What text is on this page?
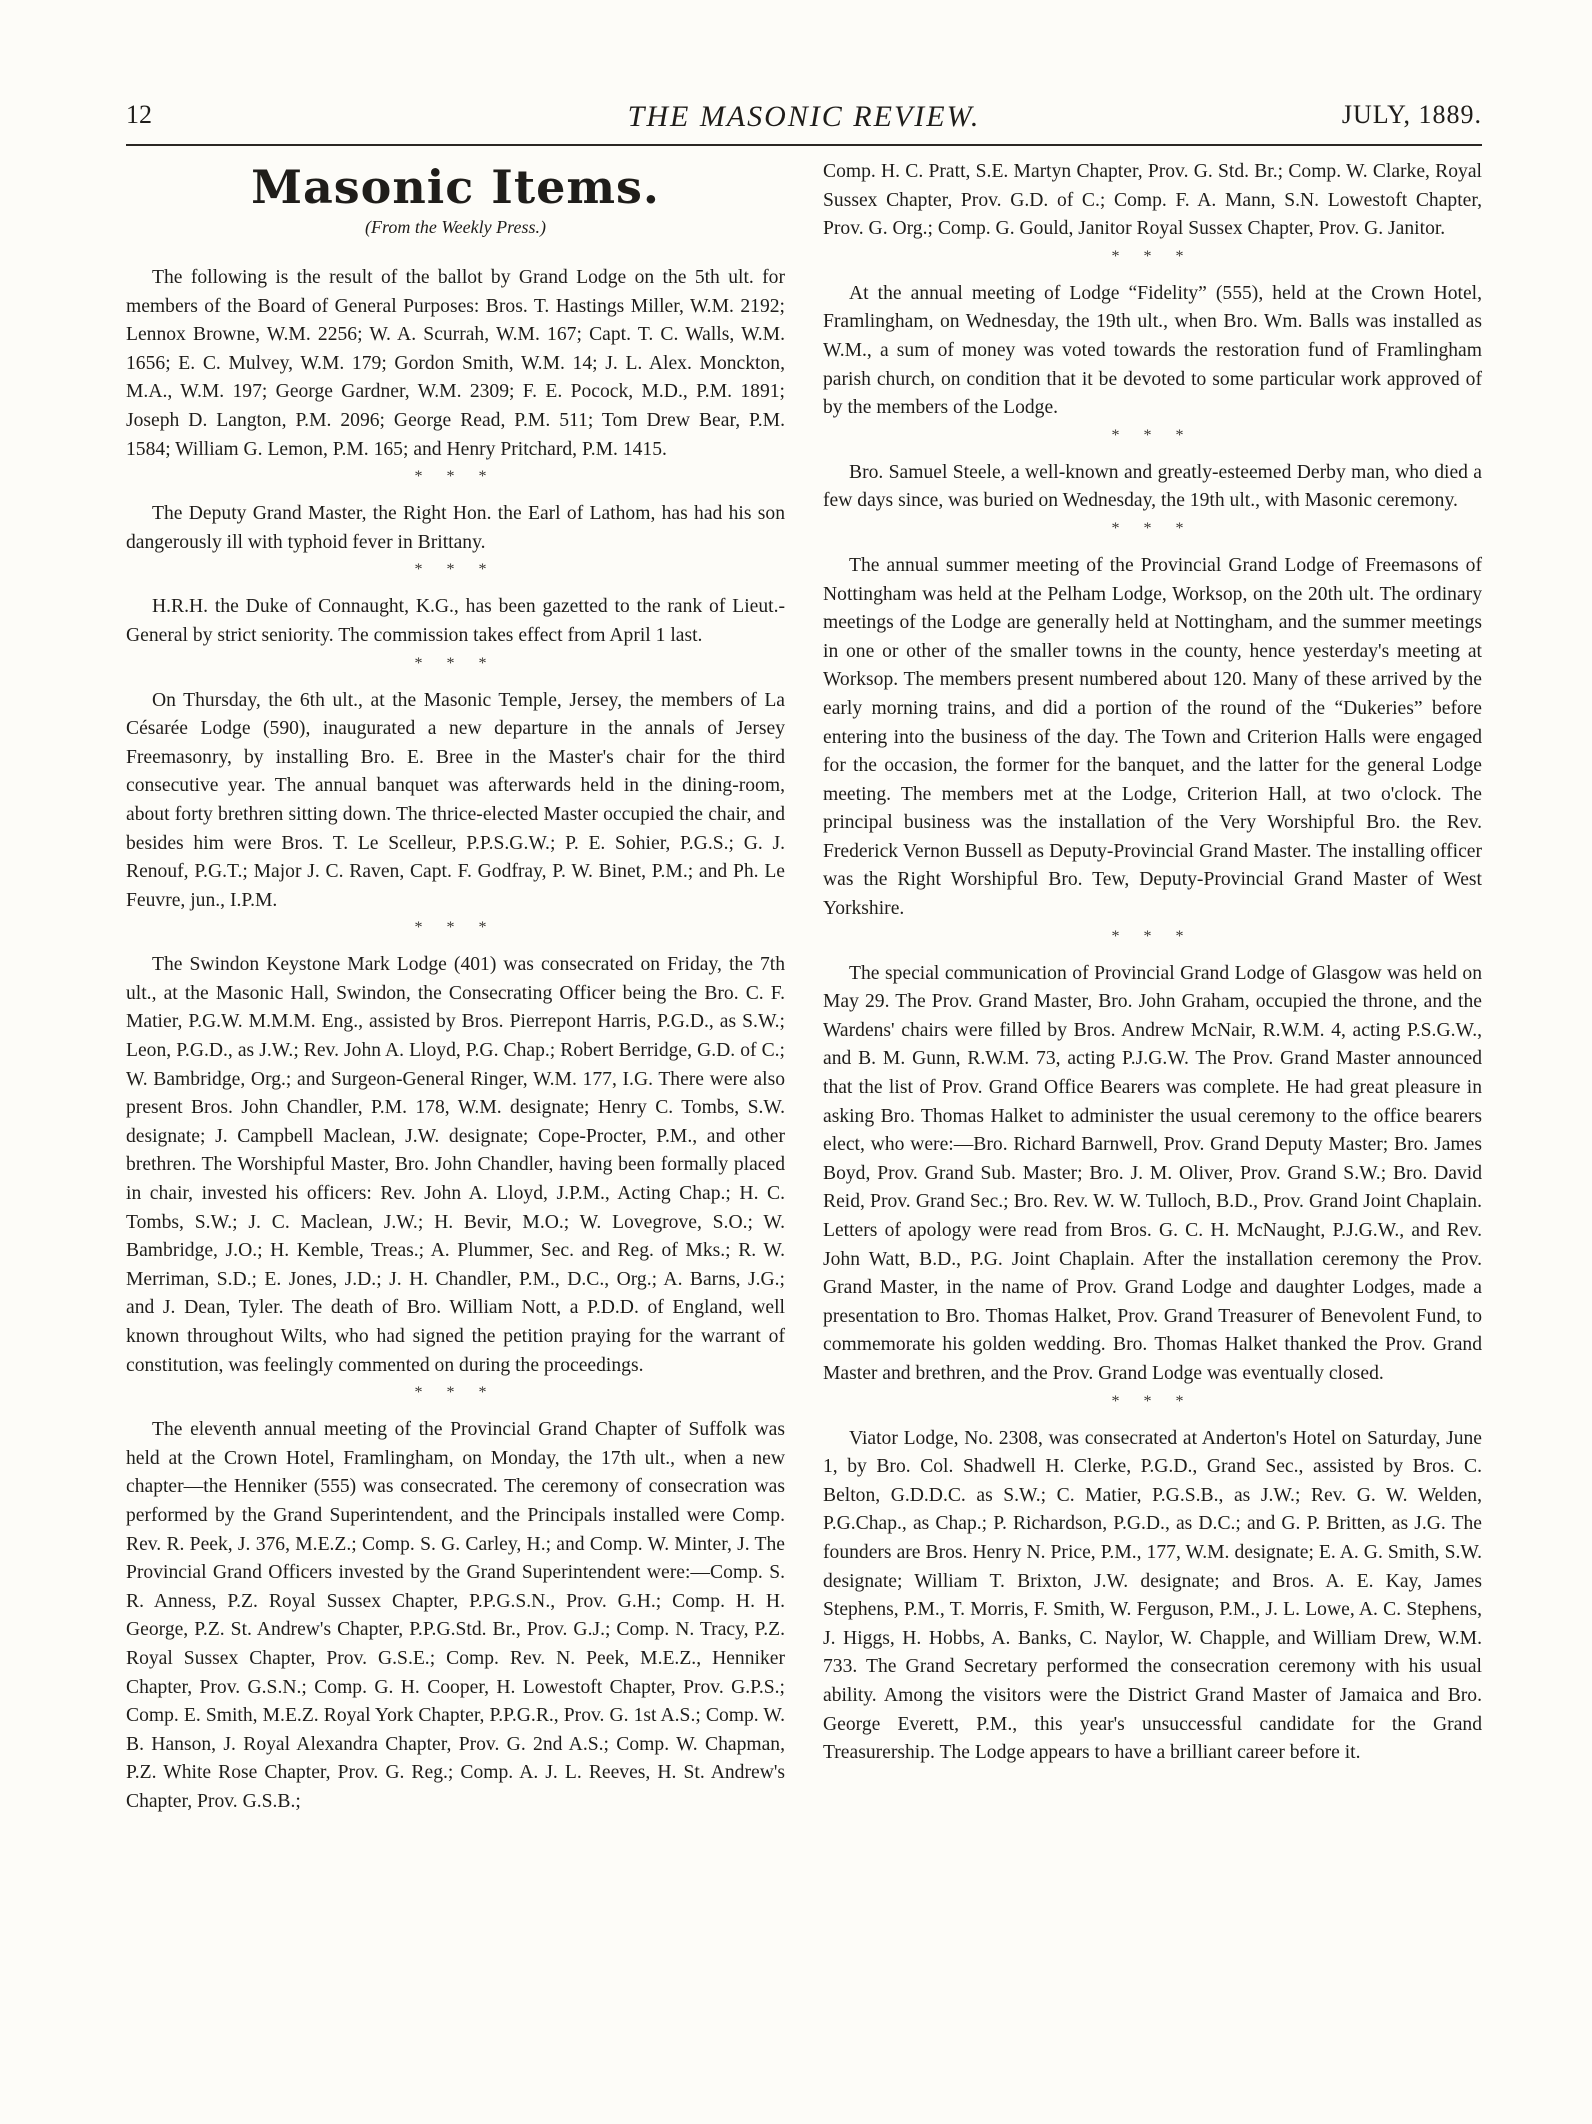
12	THE MASONIC REVIEW.	JULY, 1889.
Masonic Items.
(From the Weekly Press.)

The following is the result of the ballot by Grand Lodge on the 5th ult. for members of the Board of General Purposes: Bros. T. Hastings Miller, W.M. 2192; Lennox Browne, W.M. 2256; W. A. Scurrah, W.M. 167; Capt. T. C. Walls, W.M. 1656; E. C. Mulvey, W.M. 179; Gordon Smith, W.M. 14; J. L. Alex. Monckton, M.A., W.M. 197; George Gardner, W.M. 2309; F. E. Pocock, M.D., P.M. 1891; Joseph D. Langton, P.M. 2096; George Read, P.M. 511; Tom Drew Bear, P.M. 1584; William G. Lemon, P.M. 165; and Henry Pritchard, P.M. 1415.

* * *

The Deputy Grand Master, the Right Hon. the Earl of Lathom, has had his son dangerously ill with typhoid fever in Brittany.

* * *

H.R.H. the Duke of Connaught, K.G., has been gazetted to the rank of Lieut.-General by strict seniority. The commission takes effect from April 1 last.

* * *

On Thursday, the 6th ult., at the Masonic Temple, Jersey, the members of La Césarée Lodge (590), inaugurated a new departure in the annals of Jersey Freemasonry, by installing Bro. E. Bree in the Master's chair for the third consecutive year. The annual banquet was afterwards held in the dining-room, about forty brethren sitting down. The thrice-elected Master occupied the chair, and besides him were Bros. T. Le Scelleur, P.P.S.G.W.; P. E. Sohier, P.G.S.; G. J. Renouf, P.G.T.; Major J. C. Raven, Capt. F. Godfray, P. W. Binet, P.M.; and Ph. Le Feuvre, jun., I.P.M.

* * *

The Swindon Keystone Mark Lodge (401) was consecrated on Friday, the 7th ult., at the Masonic Hall, Swindon, the Consecrating Officer being the Bro. C. F. Matier, P.G.W. M.M.M. Eng., assisted by Bros. Pierrepont Harris, P.G.D., as S.W.; Leon, P.G.D., as J.W.; Rev. John A. Lloyd, P.G. Chap.; Robert Berridge, G.D. of C.; W. Bambridge, Org.; and Surgeon-General Ringer, W.M. 177, I.G. There were also present Bros. John Chandler, P.M. 178, W.M. designate; Henry C. Tombs, S.W. designate; J. Campbell Maclean, J.W. designate; Cope-Procter, P.M., and other brethren. The Worshipful Master, Bro. John Chandler, having been formally placed in chair, invested his officers: Rev. John A. Lloyd, J.P.M., Acting Chap.; H. C. Tombs, S.W.; J. C. Maclean, J.W.; H. Bevir, M.O.; W. Lovegrove, S.O.; W. Bambridge, J.O.; H. Kemble, Treas.; A. Plummer, Sec. and Reg. of Mks.; R. W. Merriman, S.D.; E. Jones, J.D.; J. H. Chandler, P.M., D.C., Org.; A. Barns, J.G.; and J. Dean, Tyler. The death of Bro. William Nott, a P.D.D. of England, well known throughout Wilts, who had signed the petition praying for the warrant of constitution, was feelingly commented on during the proceedings.

* * *

The eleventh annual meeting of the Provincial Grand Chapter of Suffolk was held at the Crown Hotel, Framlingham, on Monday, the 17th ult., when a new chapter—the Henniker (555) was consecrated. The ceremony of consecration was performed by the Grand Superintendent, and the Principals installed were Comp. Rev. R. Peek, J. 376, M.E.Z.; Comp. S. G. Carley, H.; and Comp. W. Minter, J. The Provincial Grand Officers invested by the Grand Superintendent were:—Comp. S. R. Anness, P.Z. Royal Sussex Chapter, P.P.G.S.N., Prov. G.H.; Comp. H. H. George, P.Z. St. Andrew's Chapter, P.P.G.Std. Br., Prov. G.J.; Comp. N. Tracy, P.Z. Royal Sussex Chapter, Prov. G.S.E.; Comp. Rev. N. Peek, M.E.Z., Henniker Chapter, Prov. G.S.N.; Comp. G. H. Cooper, H. Lowestoft Chapter, Prov. G.P.S.; Comp. E. Smith, M.E.Z. Royal York Chapter, P.P.G.R., Prov. G. 1st A.S.; Comp. W. B. Hanson, J. Royal Alexandra Chapter, Prov. G. 2nd A.S.; Comp. W. Chapman, P.Z. White Rose Chapter, Prov. G. Reg.; Comp. A. J. L. Reeves, H. St. Andrew's Chapter, Prov. G.S.B.;

Comp. H. C. Pratt, S.E. Martyn Chapter, Prov. G. Std. Br.; Comp. W. Clarke, Royal Sussex Chapter, Prov. G.D. of C.; Comp. F. A. Mann, S.N. Lowestoft Chapter, Prov. G. Org.; Comp. G. Gould, Janitor Royal Sussex Chapter, Prov. G. Janitor.

* * *

At the annual meeting of Lodge “Fidelity” (555), held at the Crown Hotel, Framlingham, on Wednesday, the 19th ult., when Bro. Wm. Balls was installed as W.M., a sum of money was voted towards the restoration fund of Framlingham parish church, on condition that it be devoted to some particular work approved of by the members of the Lodge.

* * *

Bro. Samuel Steele, a well-known and greatly-esteemed Derby man, who died a few days since, was buried on Wednesday, the 19th ult., with Masonic ceremony.

* * *

The annual summer meeting of the Provincial Grand Lodge of Freemasons of Nottingham was held at the Pelham Lodge, Worksop, on the 20th ult. The ordinary meetings of the Lodge are generally held at Nottingham, and the summer meetings in one or other of the smaller towns in the county, hence yesterday's meeting at Worksop. The members present numbered about 120. Many of these arrived by the early morning trains, and did a portion of the round of the “Dukeries” before entering into the business of the day. The Town and Criterion Halls were engaged for the occasion, the former for the banquet, and the latter for the general Lodge meeting. The members met at the Lodge, Criterion Hall, at two o'clock. The principal business was the installation of the Very Worshipful Bro. the Rev. Frederick Vernon Bussell as Deputy-Provincial Grand Master. The installing officer was the Right Worshipful Bro. Tew, Deputy-Provincial Grand Master of West Yorkshire.

* * *

The special communication of Provincial Grand Lodge of Glasgow was held on May 29. The Prov. Grand Master, Bro. John Graham, occupied the throne, and the Wardens' chairs were filled by Bros. Andrew McNair, R.W.M. 4, acting P.S.G.W., and B. M. Gunn, R.W.M. 73, acting P.J.G.W. The Prov. Grand Master announced that the list of Prov. Grand Office Bearers was complete. He had great pleasure in asking Bro. Thomas Halket to administer the usual ceremony to the office bearers elect, who were:—Bro. Richard Barnwell, Prov. Grand Deputy Master; Bro. James Boyd, Prov. Grand Sub. Master; Bro. J. M. Oliver, Prov. Grand S.W.; Bro. David Reid, Prov. Grand Sec.; Bro. Rev. W. W. Tulloch, B.D., Prov. Grand Joint Chaplain. Letters of apology were read from Bros. G. C. H. McNaught, P.J.G.W., and Rev. John Watt, B.D., P.G. Joint Chaplain. After the installation ceremony the Prov. Grand Master, in the name of Prov. Grand Lodge and daughter Lodges, made a presentation to Bro. Thomas Halket, Prov. Grand Treasurer of Benevolent Fund, to commemorate his golden wedding. Bro. Thomas Halket thanked the Prov. Grand Master and brethren, and the Prov. Grand Lodge was eventually closed.

* * *

Viator Lodge, No. 2308, was consecrated at Anderton's Hotel on Saturday, June 1, by Bro. Col. Shadwell H. Clerke, P.G.D., Grand Sec., assisted by Bros. C. Belton, G.D.D.C. as S.W.; C. Matier, P.G.S.B., as J.W.; Rev. G. W. Welden, P.G.Chap., as Chap.; P. Richardson, P.G.D., as D.C.; and G. P. Britten, as J.G. The founders are Bros. Henry N. Price, P.M., 177, W.M. designate; E. A. G. Smith, S.W. designate; William T. Brixton, J.W. designate; and Bros. A. E. Kay, James Stephens, P.M., T. Morris, F. Smith, W. Ferguson, P.M., J. L. Lowe, A. C. Stephens, J. Higgs, H. Hobbs, A. Banks, C. Naylor, W. Chapple, and William Drew, W.M. 733. The Grand Secretary performed the consecration ceremony with his usual ability. Among the visitors were the District Grand Master of Jamaica and Bro. George Everett, P.M., this year's unsuccessful candidate for the Grand Treasurership. The Lodge appears to have a brilliant career before it.
